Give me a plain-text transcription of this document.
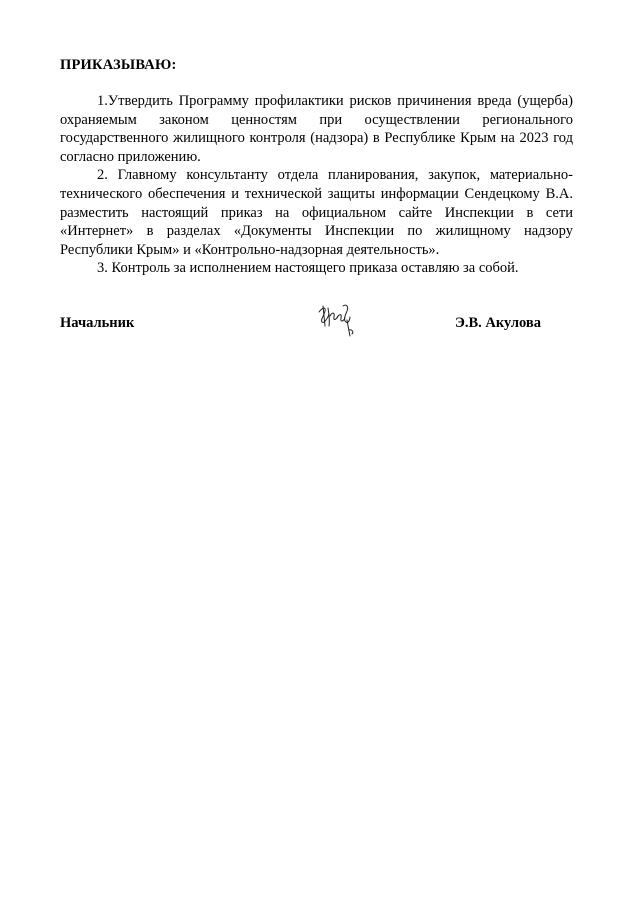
ПРИКАЗЫВАЮ:

1.Утвердить Программу профилактики рисков причинения вреда (ущерба) охраняемым законом ценностям при осуществлении регионального государственного жилищного контроля (надзора) в Республике Крым на 2023 год согласно приложению.

2. Главному консультанту отдела планирования, закупок, материально-технического обеспечения и технической защиты информации Сендецкому В.А. разместить настоящий приказ на официальном сайте Инспекции в сети «Интернет» в разделах «Документы Инспекции по жилищному надзору Республики Крым» и «Контрольно-надзорная деятельность».

3. Контроль за исполнением настоящего приказа оставляю за собой.

Начальник	Э.В. Акулова
